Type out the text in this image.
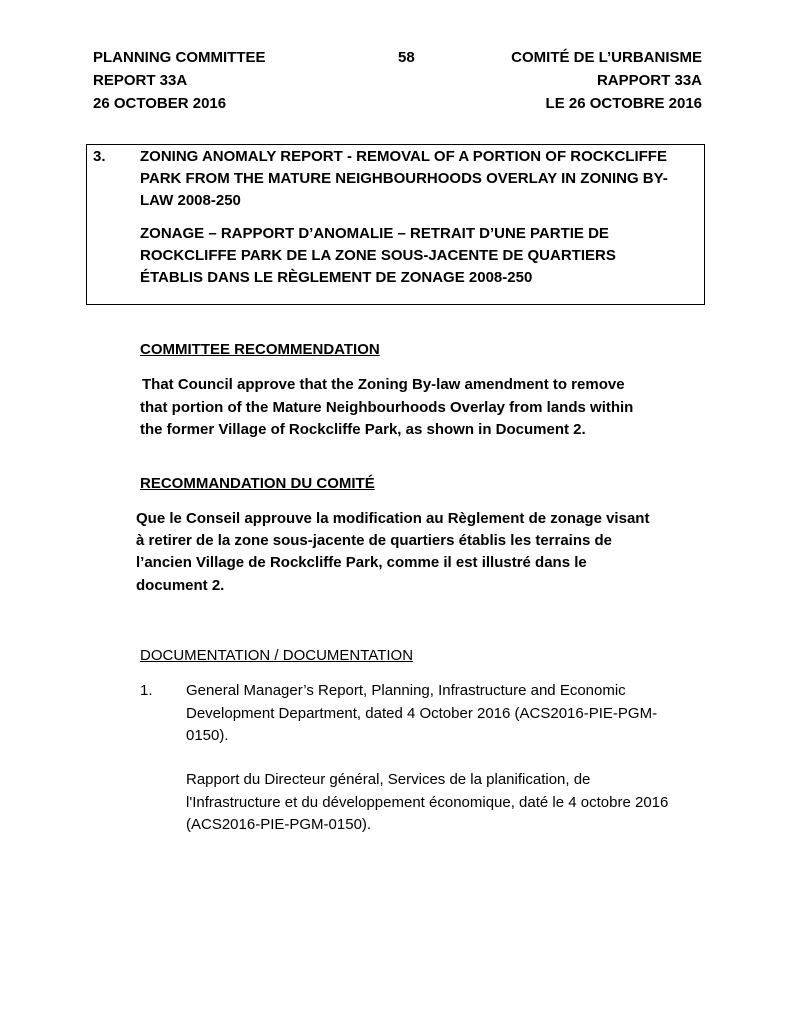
PLANNING COMMITTEE
REPORT 33A
26 OCTOBER 2016
58	COMITÉ DE L’URBANISME
RAPPORT 33A
LE 26 OCTOBRE 2016
3. ZONING ANOMALY REPORT - REMOVAL OF A PORTION OF ROCKCLIFFE
PARK FROM THE MATURE NEIGHBOURHOODS OVERLAY IN ZONING BY-
LAW 2008-250
ZONAGE – RAPPORT D’ANOMALIE – RETRAIT D’UNE PARTIE DE
ROCKCLIFFE PARK DE LA ZONE SOUS-JACENTE DE QUARTIERS
ÉTABLIS DANS LE RÈGLEMENT DE ZONAGE 2008-250
COMMITTEE RECOMMENDATION
That Council approve that the Zoning By-law amendment to remove
that portion of the Mature Neighbourhoods Overlay from lands within
the former Village of Rockcliffe Park, as shown in Document 2.
RECOMMANDATION DU COMITÉ
Que le Conseil approuve la modification au Règlement de zonage visant
à retirer de la zone sous-jacente de quartiers établis les terrains de
l’ancien Village de Rockcliffe Park, comme il est illustré dans le
document 2.
DOCUMENTATION / DOCUMENTATION
1. General Manager’s Report, Planning, Infrastructure and Economic
Development Department, dated 4 October 2016 (ACS2016-PIE-PGM-
0150).
Rapport du Directeur général, Services de la planification, de
l'Infrastructure et du développement économique, daté le 4 octobre 2016
(ACS2016-PIE-PGM-0150).
